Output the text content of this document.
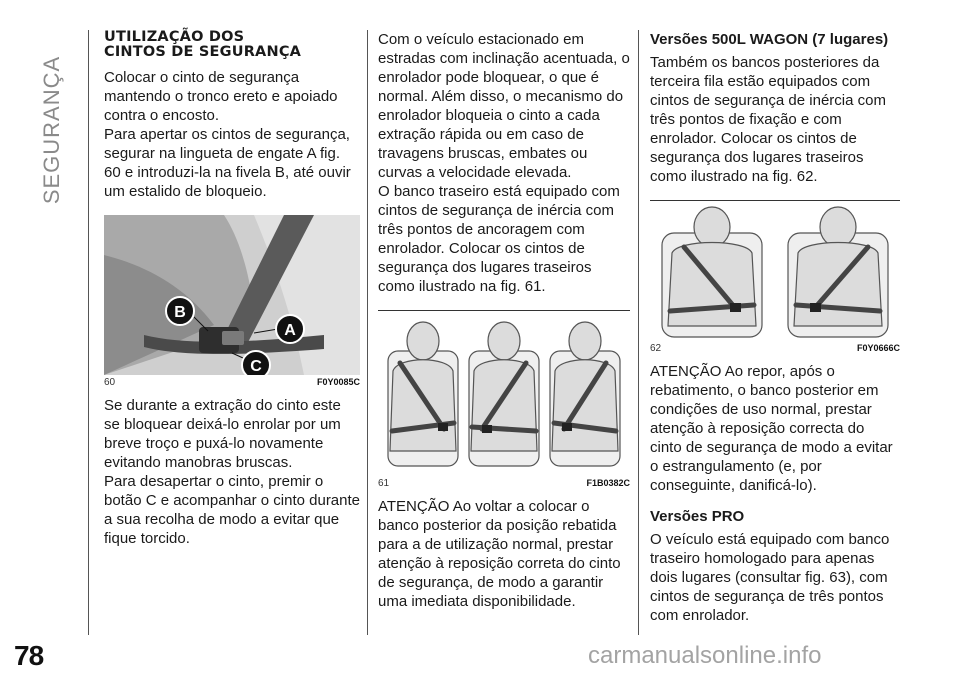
SEGURANÇA
78	carmanualsonline.info
UTILIZAÇÃO DOS
CINTOS DE SEGURANÇA

Colocar o cinto de segurança mantendo o tronco ereto e apoiado contra o encosto.

Para apertar os cintos de segurança, segurar na lingueta de engate A fig. 60 e introduzi-la na fivela B, até ouvir um estalido de bloqueio.

B
A
C
60	F0Y0085C

Se durante a extração do cinto este se bloquear deixá-lo enrolar por um breve troço e puxá-lo novamente evitando manobras bruscas.

Para desapertar o cinto, premir o botão C e acompanhar o cinto durante a sua recolha de modo a evitar que fique torcido.

Com o veículo estacionado em estradas com inclinação acentuada, o enrolador pode bloquear, o que é normal. Além disso, o mecanismo do enrolador bloqueia o cinto a cada extração rápida ou em caso de travagens bruscas, embates ou curvas a velocidade elevada.

O banco traseiro está equipado com cintos de segurança de inércia com três pontos de ancoragem com enrolador. Colocar os cintos de segurança dos lugares traseiros como ilustrado na fig. 61.

61	F1B0382C

ATENÇÃO Ao voltar a colocar o banco posterior da posição rebatida para a de utilização normal, prestar atenção à reposição correta do cinto de segurança, de modo a garantir uma imediata disponibilidade.

Versões 500L WAGON (7 lugares)

Também os bancos posteriores da terceira fila estão equipados com cintos de segurança de inércia com três pontos de fixação e com enrolador. Colocar os cintos de segurança dos lugares traseiros como ilustrado na fig. 62.

62	F0Y0666C

ATENÇÃO Ao repor, após o rebatimento, o banco posterior em condições de uso normal, prestar atenção à reposição correcta do cinto de segurança de modo a evitar o estrangulamento (e, por conseguinte, danificá-lo).

Versões PRO

O veículo está equipado com banco traseiro homologado para apenas dois lugares (consultar fig. 63), com cintos de segurança de três pontos com enrolador.
